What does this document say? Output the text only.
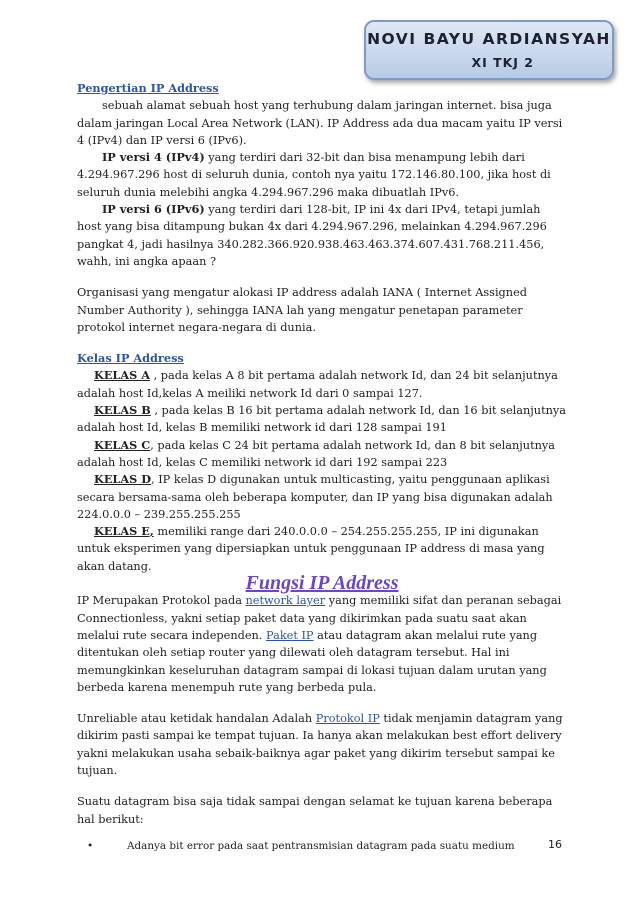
NOVI BAYU ARDIANSYAH
XI TKJ 2

Pengertian IP Address

sebuah alamat sebuah host yang terhubung dalam jaringan internet. bisa juga dalam jaringan Local Area Network (LAN). IP Address ada dua macam yaitu IP versi 4 (IPv4) dan IP versi 6 (IPv6).

IP versi 4 (IPv4) yang terdiri dari 32-bit dan bisa menampung lebih dari 4.294.967.296 host di seluruh dunia, contoh nya yaitu 172.146.80.100, jika host di seluruh dunia melebihi angka 4.294.967.296 maka dibuatlah IPv6.

IP versi 6 (IPv6) yang terdiri dari 128-bit, IP ini 4x dari IPv4, tetapi jumlah host yang bisa ditampung bukan 4x dari 4.294.967.296, melainkan 4.294.967.296 pangkat 4, jadi hasilnya 340.282.366.920.938.463.463.374.607.431.768.211.456, wahh, ini angka apaan ?

Organisasi yang mengatur alokasi IP address adalah IANA ( Internet Assigned Number Authority ), sehingga IANA lah yang mengatur penetapan parameter protokol internet negara-negara di dunia.

Kelas IP Address

KELAS A , pada kelas A 8 bit pertama adalah network Id, dan 24 bit selanjutnya adalah host Id,kelas A meiliki network Id dari 0 sampai 127.

KELAS B , pada kelas B 16 bit pertama adalah network Id, dan 16 bit selanjutnya adalah host Id, kelas B memiliki network id dari 128 sampai 191

KELAS C, pada kelas C 24 bit pertama adalah network Id, dan 8 bit selanjutnya adalah host Id, kelas C memiliki network id dari 192 sampai 223

KELAS D, IP kelas D digunakan untuk multicasting, yaitu penggunaan aplikasi secara bersama-sama oleh beberapa komputer, dan IP yang bisa digunakan adalah 224.0.0.0 – 239.255.255.255

KELAS E, memiliki range dari 240.0.0.0 – 254.255.255.255, IP ini digunakan untuk eksperimen yang dipersiapkan untuk penggunaan IP address di masa yang akan datang.

Fungsi IP Address

IP Merupakan Protokol pada network layer yang memiliki sifat dan peranan sebagai Connectionless, yakni setiap paket data yang dikirimkan pada suatu saat akan melalui rute secara independen. Paket IP atau datagram akan melalui rute yang ditentukan oleh setiap router yang dilewati oleh datagram tersebut. Hal ini memungkinkan keseluruhan datagram sampai di lokasi tujuan dalam urutan yang berbeda karena menempuh rute yang berbeda pula.

Unreliable atau ketidak handalan Adalah Protokol IP tidak menjamin datagram yang dikirim pasti sampai ke tempat tujuan. Ia hanya akan melakukan best effort delivery yakni melakukan usaha sebaik-baiknya agar paket yang dikirim tersebut sampai ke tujuan.

Suatu datagram bisa saja tidak sampai dengan selamat ke tujuan karena beberapa hal berikut:

•	Adanya bit error pada saat pentransmisian datagram pada suatu medium	16
